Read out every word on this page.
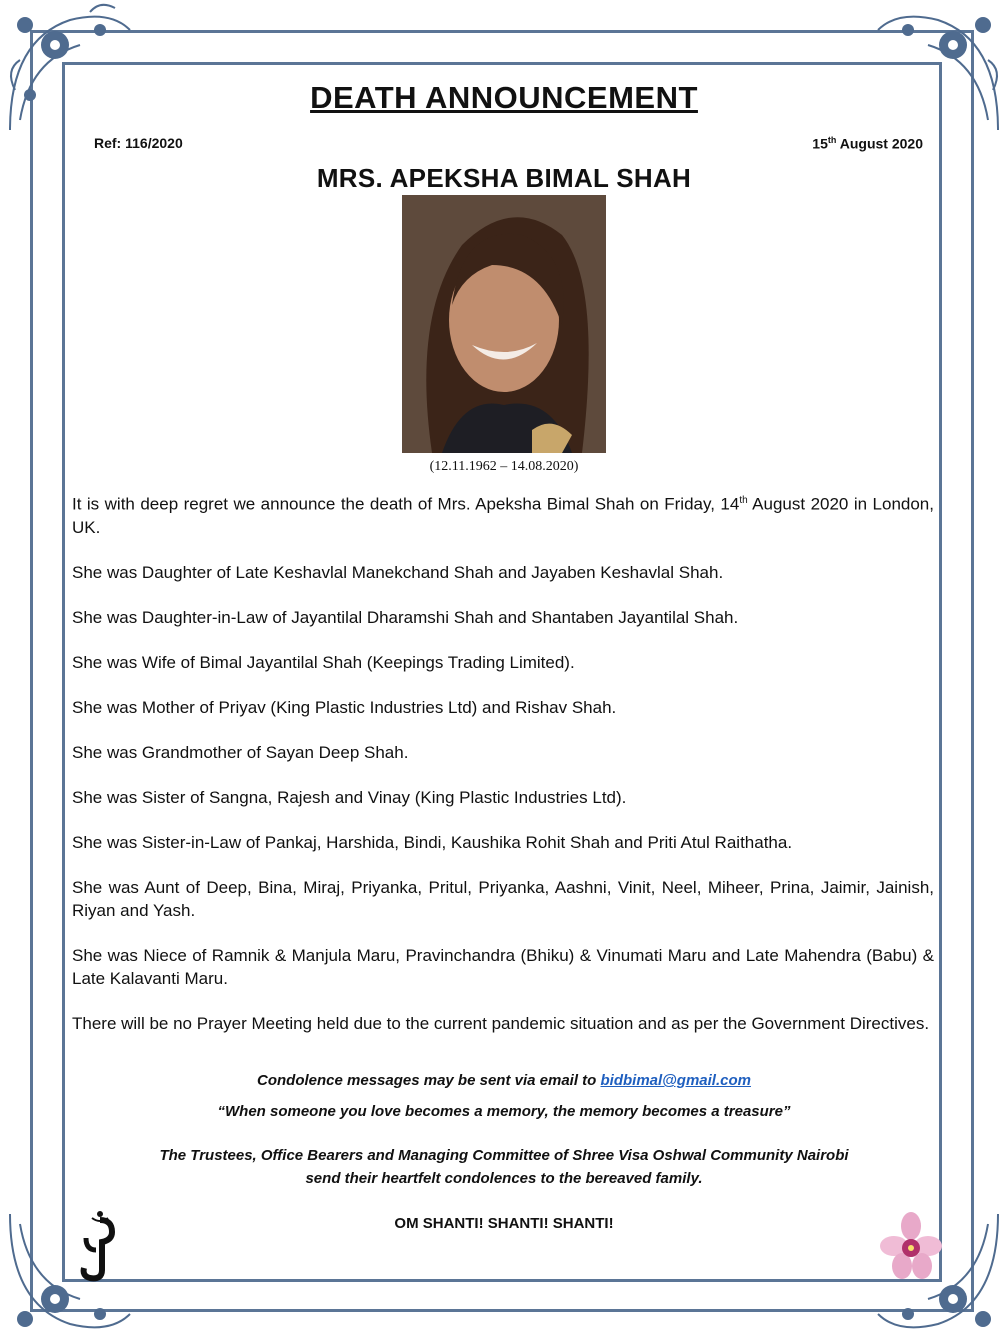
DEATH ANNOUNCEMENT
Ref: 116/2020	15th August 2020
MRS. APEKSHA BIMAL SHAH
(12.11.1962 – 14.08.2020)

It is with deep regret we announce the death of Mrs. Apeksha Bimal Shah on Friday, 14th August 2020 in London, UK.

She was Daughter of Late Keshavlal Manekchand Shah and Jayaben Keshavlal Shah.

She was Daughter-in-Law of Jayantilal Dharamshi Shah and Shantaben Jayantilal Shah.

She was Wife of Bimal Jayantilal Shah (Keepings Trading Limited).

She was Mother of Priyav (King Plastic Industries Ltd) and Rishav Shah.

She was Grandmother of Sayan Deep Shah.

She was Sister of Sangna, Rajesh and Vinay (King Plastic Industries Ltd).

She was Sister-in-Law of Pankaj, Harshida, Bindi, Kaushika Rohit Shah and Priti Atul Raithatha.

She was Aunt of Deep, Bina, Miraj, Priyanka, Pritul, Priyanka, Aashni, Vinit, Neel, Miheer, Prina, Jaimir, Jainish, Riyan and Yash.

She was Niece of Ramnik & Manjula Maru, Pravinchandra (Bhiku) & Vinumati Maru and Late Mahendra (Babu) & Late Kalavanti Maru.

There will be no Prayer Meeting held due to the current pandemic situation and as per the Government Directives.

Condolence messages may be sent via email to bidbimal@gmail.com
“When someone you love becomes a memory, the memory becomes a treasure”
The Trustees, Office Bearers and Managing Committee of Shree Visa Oshwal Community Nairobi
send their heartfelt condolences to the bereaved family.
OM SHANTI! SHANTI! SHANTI!
